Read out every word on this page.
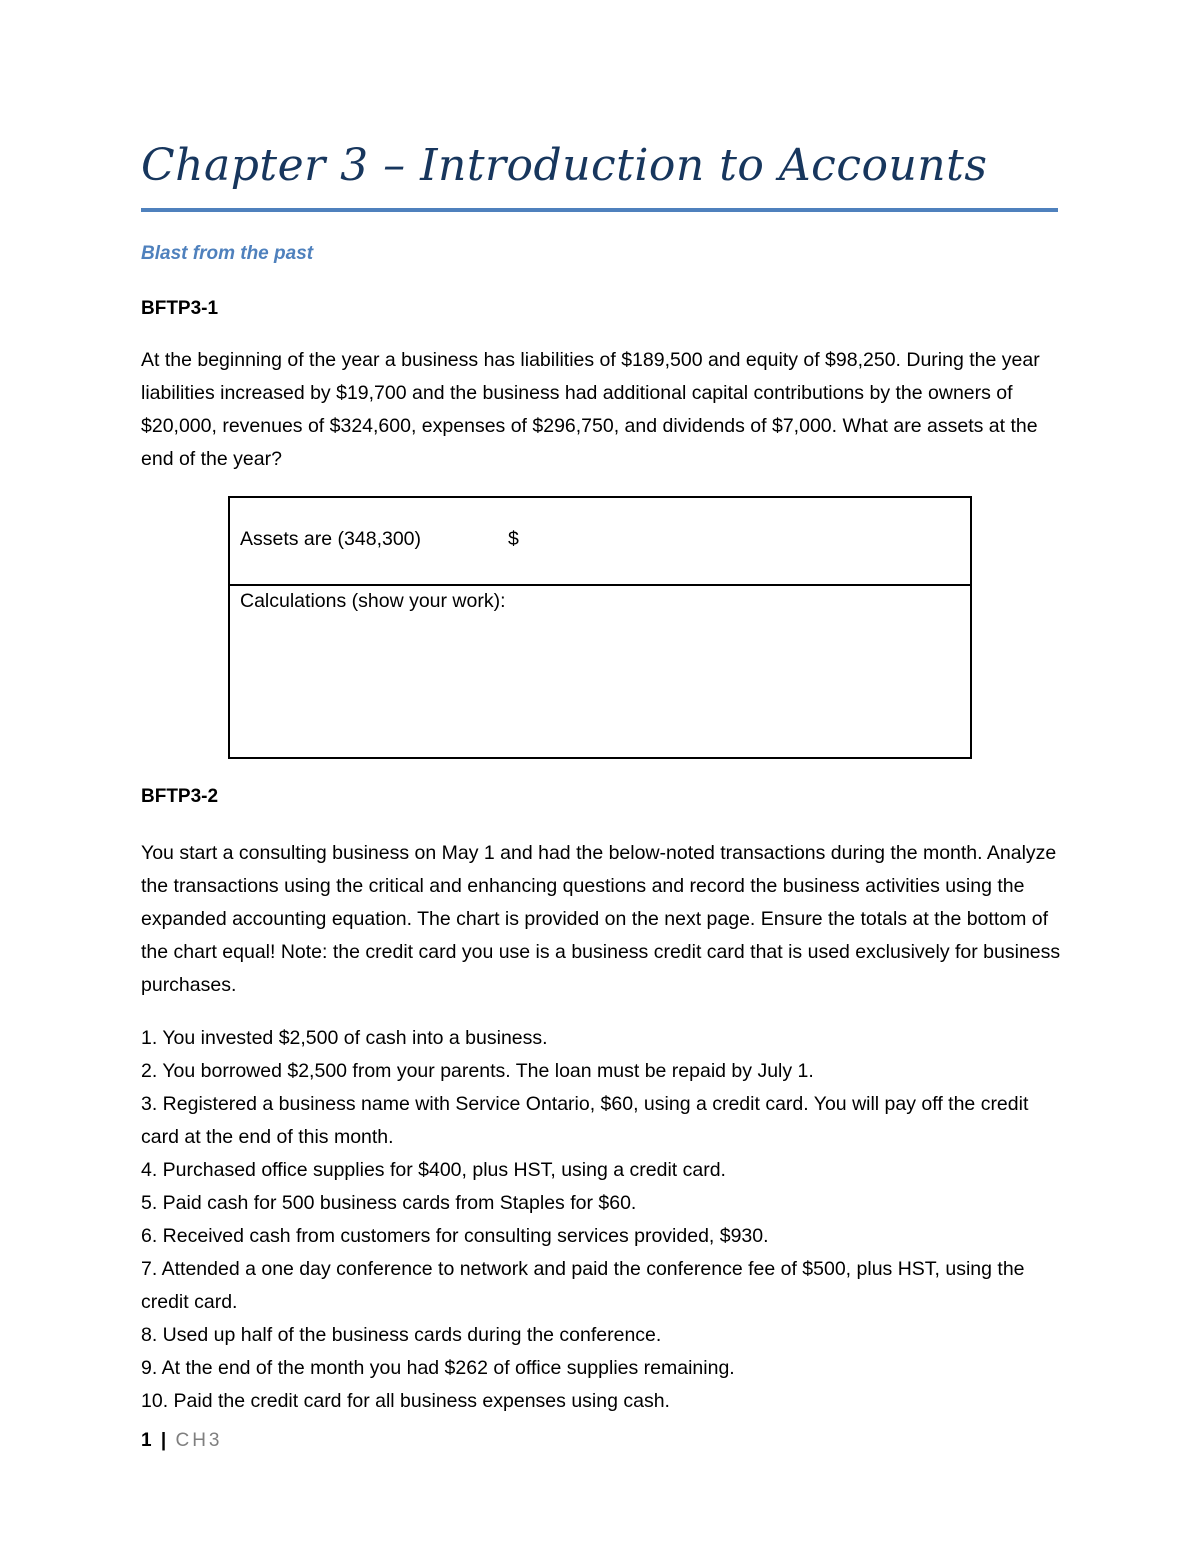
Chapter 3 – Introduction to Accounts
Blast from the past
BFTP3-1
At the beginning of the year a business has liabilities of $189,500 and equity of $98,250. During the year liabilities increased by $19,700 and the business had additional capital contributions by the owners of $20,000, revenues of $324,600, expenses of $296,750, and dividends of $7,000. What are assets at the end of the year?
Assets are (348,300)	$
Calculations (show your work):
BFTP3-2
You start a consulting business on May 1 and had the below-noted transactions during the month. Analyze the transactions using the critical and enhancing questions and record the business activities using the expanded accounting equation. The chart is provided on the next page. Ensure the totals at the bottom of the chart equal! Note: the credit card you use is a business credit card that is used exclusively for business purchases.
1. You invested $2,500 of cash into a business.
2. You borrowed $2,500 from your parents. The loan must be repaid by July 1.
3. Registered a business name with Service Ontario, $60, using a credit card. You will pay off the credit card at the end of this month.
4. Purchased office supplies for $400, plus HST, using a credit card.
5. Paid cash for 500 business cards from Staples for $60.
6. Received cash from customers for consulting services provided, $930.
7. Attended a one day conference to network and paid the conference fee of $500, plus HST, using the credit card.
8. Used up half of the business cards during the conference.
9. At the end of the month you had $262 of office supplies remaining.
10. Paid the credit card for all business expenses using cash.
1 | CH3
